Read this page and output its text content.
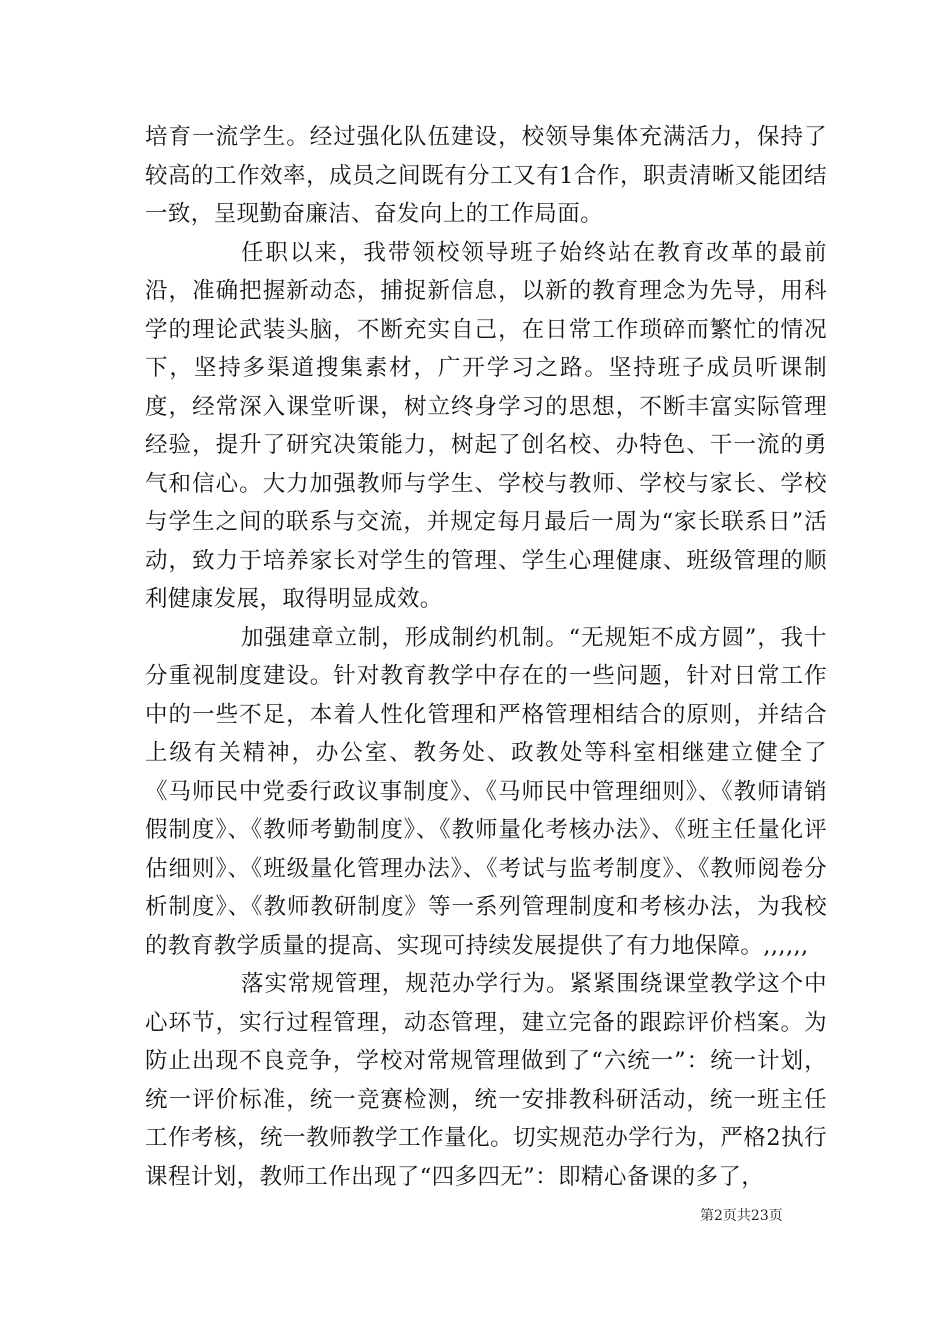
培育一流学生。经过强化队伍建设，校领导集体充满活力，保持了较高的工作效率，成员之间既有分工又有1合作，职责清晰又能团结一致，呈现勤奋廉洁、奋发向上的工作局面。

任职以来，我带领校领导班子始终站在教育改革的最前沿，准确把握新动态，捕捉新信息，以新的教育理念为先导，用科学的理论武装头脑，不断充实自己，在日常工作琐碎而繁忙的情况下，坚持多渠道搜集素材，广开学习之路。坚持班子成员听课制度，经常深入课堂听课，树立终身学习的思想，不断丰富实际管理经验，提升了研究决策能力，树起了创名校、办特色、干一流的勇气和信心。大力加强教师与学生、学校与教师、学校与家长、学校与学生之间的联系与交流，并规定每月最后一周为“家长联系日”活动，致力于培养家长对学生的管理、学生心理健康、班级管理的顺利健康发展，取得明显成效。

加强建章立制，形成制约机制。“无规矩不成方圆”，我十分重视制度建设。针对教育教学中存在的一些问题，针对日常工作中的一些不足，本着人性化管理和严格管理相结合的原则，并结合上级有关精神，办公室、教务处、政教处等科室相继建立健全了《马师民中党委行政议事制度》、《马师民中管理细则》、《教师请销假制度》、《教师考勤制度》、《教师量化考核办法》、《班主任量化评估细则》、《班级量化管理办法》、《考试与监考制度》、《教师阅卷分析制度》、《教师教研制度》等一系列管理制度和考核办法，为我校的教育教学质量的提高、实现可持续发展提供了有力地保障。,,,,,,

落实常规管理，规范办学行为。紧紧围绕课堂教学这个中心环节，实行过程管理，动态管理，建立完备的跟踪评价档案。为防止出现不良竞争，学校对常规管理做到了“六统一”：统一计划，统一评价标准，统一竞赛检测，统一安排教科研活动，统一班主任工作考核，统一教师教学工作量化。切实规范办学行为，严格2执行课程计划，教师工作出现了“四多四无”：即精心备课的多了，

第2页共23页
